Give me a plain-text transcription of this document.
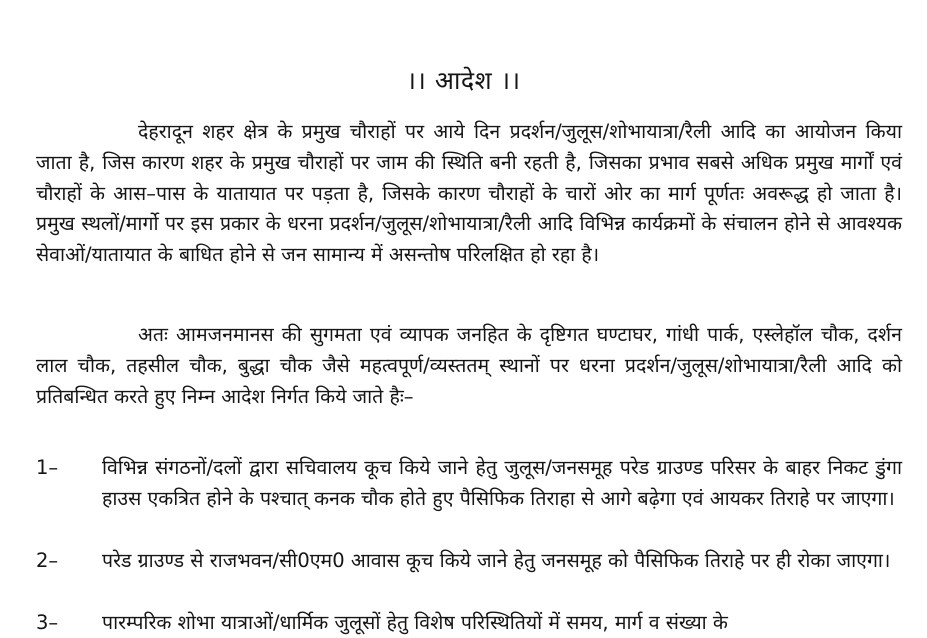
।। आदेश ।।

देहरादून शहर क्षेत्र के प्रमुख चौराहों पर आये दिन प्रदर्शन/जुलूस/शोभायात्रा/रैली आदि का आयोजन किया जाता है, जिस कारण शहर के प्रमुख चौराहों पर जाम की स्थिति बनी रहती है, जिसका प्रभाव सबसे अधिक प्रमुख मार्गों एवं चौराहों के आस–पास के यातायात पर पड़ता है, जिसके कारण चौराहों के चारों ओर का मार्ग पूर्णतः अवरूद्ध हो जाता है। प्रमुख स्थलों/मार्गो पर इस प्रकार के धरना प्रदर्शन/जुलूस/शोभायात्रा/रैली आदि विभिन्न कार्यक्रमों के संचालन होने से आवश्यक सेवाओं/यातायात के बाधित होने से जन सामान्य में असन्तोष परिलक्षित हो रहा है।

अतः आमजनमानस की सुगमता एवं व्यापक जनहित के दृष्टिगत घण्टाघर, गांधी पार्क, एस्लेहॉल चौक, दर्शन लाल चौक, तहसील चौक, बुद्धा चौक जैसे महत्वपूर्ण/व्यस्ततम् स्थानों पर धरना प्रदर्शन/जुलूस/शोभायात्रा/रैली आदि को प्रतिबन्धित करते हुए निम्न आदेश निर्गत किये जाते हैः–

1–	विभिन्न संगठनों/दलों द्वारा सचिवालय कूच किये जाने हेतु जुलूस/जनसमूह परेड ग्राउण्ड परिसर के बाहर निकट डुंगा हाउस एकत्रित होने के पश्चात् कनक चौक होते हुए पैसिफिक तिराहा से आगे बढ़ेगा एवं आयकर तिराहे पर जाएगा।

2–	परेड ग्राउण्ड से राजभवन/सी0एम0 आवास कूच किये जाने हेतु जनसमूह को पैसिफिक तिराहे पर ही रोका जाएगा।

3–	पारम्परिक शोभा यात्राओं/धार्मिक जुलूसों हेतु विशेष परिस्थितियों में समय, मार्ग व संख्या के
